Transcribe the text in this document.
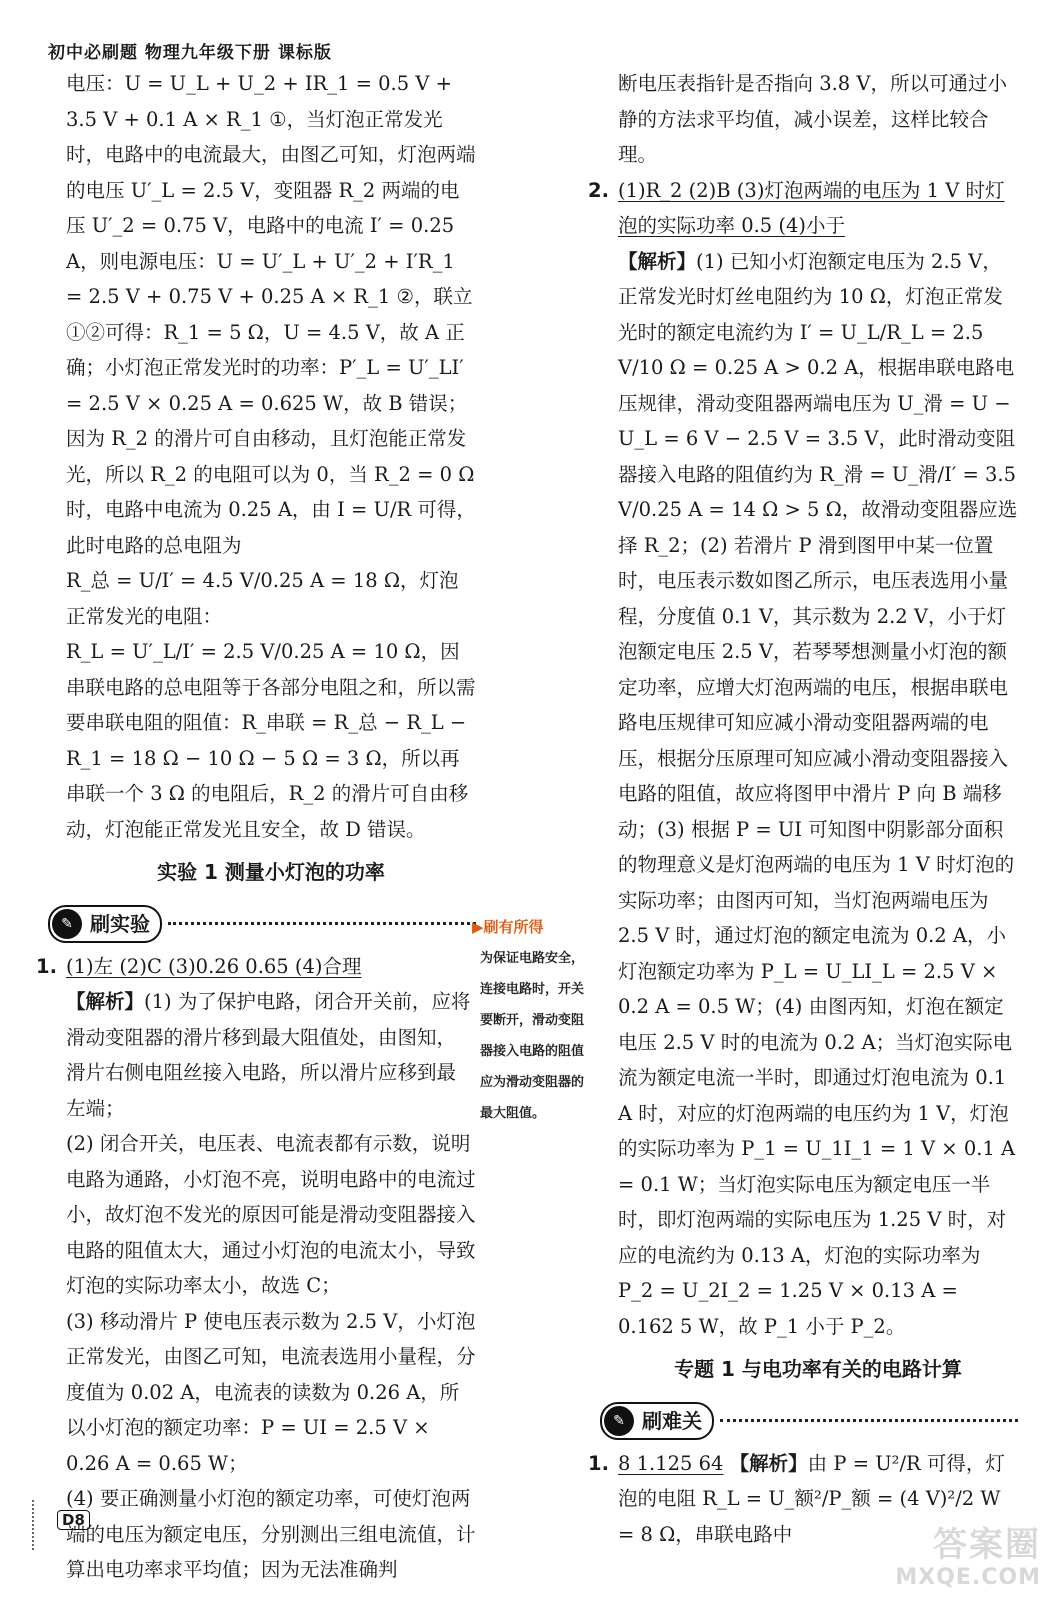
初中必刷题 物理九年级下册 课标版

电压：U = U_L + U_2 + IR_1 = 0.5 V + 3.5 V + 0.1 A × R_1 ①，当灯泡正常发光时，电路中的电流最大，由图乙可知，灯泡两端的电压 U′_L = 2.5 V，变阻器 R_2 两端的电压 U′_2 = 0.75 V，电路中的电流 I′ = 0.25 A，则电源电压：U = U′_L + U′_2 + I′R_1 = 2.5 V + 0.75 V + 0.25 A × R_1 ②，联立①②可得：R_1 = 5 Ω，U = 4.5 V，故 A 正确；小灯泡正常发光时的功率：P′_L = U′_LI′ = 2.5 V × 0.25 A = 0.625 W，故 B 错误；因为 R_2 的滑片可自由移动，且灯泡能正常发光，所以 R_2 的电阻可以为 0，当 R_2 = 0 Ω 时，电路中电流为 0.25 A，由 I = U/R 可得，此时电路的总电阻为

R_总 = U/I′ = 4.5 V/0.25 A = 18 Ω，灯泡正常发光的电阻：

R_L = U′_L/I′ = 2.5 V/0.25 A = 10 Ω，因串联电路的总电阻等于各部分电阻之和，所以需要串联电阻的阻值：R_串联 = R_总 − R_L − R_1 = 18 Ω − 10 Ω − 5 Ω = 3 Ω，所以再串联一个 3 Ω 的电阻后，R_2 的滑片可自由移动，灯泡能正常发光且安全，故 D 错误。

实验 1 测量小灯泡的功率

✎ 刷实验

1. (1)左 (2)C (3)0.26 0.65 (4)合理

【解析】(1) 为了保护电路，闭合开关前，应将滑动变阻器的滑片移到最大阻值处，由图知，滑片右侧电阻丝接入电路，所以滑片应移到最左端；

(2) 闭合开关，电压表、电流表都有示数，说明电路为通路，小灯泡不亮，说明电路中的电流过小，故灯泡不发光的原因可能是滑动变阻器接入电路的阻值太大，通过小灯泡的电流太小，导致灯泡的实际功率太小，故选 C；

(3) 移动滑片 P 使电压表示数为 2.5 V，小灯泡正常发光，由图乙可知，电流表选用小量程，分度值为 0.02 A，电流表的读数为 0.26 A，所以小灯泡的额定功率：P = UI = 2.5 V × 0.26 A = 0.65 W；

(4) 要正确测量小灯泡的额定功率，可使灯泡两端的电压为额定电压，分别测出三组电流值，计算出电功率求平均值；因为无法准确判

▶刷有所得
为保证电路安全，连接电路时，开关要断开，滑动变阻器接入电路的阻值应为滑动变阻器的最大阻值。

断电压表指针是否指向 3.8 V，所以可通过小静的方法求平均值，减小误差，这样比较合理。

2. (1)R_2 (2)B (3)灯泡两端的电压为 1 V 时灯泡的实际功率 0.5 (4)小于

【解析】(1) 已知小灯泡额定电压为 2.5 V，正常发光时灯丝电阻约为 10 Ω，灯泡正常发光时的额定电流约为 I′ = U_L/R_L = 2.5 V/10 Ω = 0.25 A > 0.2 A，根据串联电路电压规律，滑动变阻器两端电压为 U_滑 = U − U_L = 6 V − 2.5 V = 3.5 V，此时滑动变阻器接入电路的阻值约为 R_滑 = U_滑/I′ = 3.5 V/0.25 A = 14 Ω > 5 Ω，故滑动变阻器应选择 R_2；(2) 若滑片 P 滑到图甲中某一位置时，电压表示数如图乙所示，电压表选用小量程，分度值 0.1 V，其示数为 2.2 V，小于灯泡额定电压 2.5 V，若琴琴想测量小灯泡的额定功率，应增大灯泡两端的电压，根据串联电路电压规律可知应减小滑动变阻器两端的电压，根据分压原理可知应减小滑动变阻器接入电路的阻值，故应将图甲中滑片 P 向 B 端移动；(3) 根据 P = UI 可知图中阴影部分面积的物理意义是灯泡两端的电压为 1 V 时灯泡的实际功率；由图丙可知，当灯泡两端电压为 2.5 V 时，通过灯泡的额定电流为 0.2 A，小灯泡额定功率为 P_L = U_LI_L = 2.5 V × 0.2 A = 0.5 W；(4) 由图丙知，灯泡在额定电压 2.5 V 时的电流为 0.2 A；当灯泡实际电流为额定电流一半时，即通过灯泡电流为 0.1 A 时，对应的灯泡两端的电压约为 1 V，灯泡的实际功率为 P_1 = U_1I_1 = 1 V × 0.1 A = 0.1 W；当灯泡实际电压为额定电压一半时，即灯泡两端的实际电压为 1.25 V 时，对应的电流约为 0.13 A，灯泡的实际功率为 P_2 = U_2I_2 = 1.25 V × 0.13 A = 0.162 5 W，故 P_1 小于 P_2。

专题 1 与电功率有关的电路计算

✎ 刷难关

1. 8 1.125 64 【解析】由 P = U²/R 可得，灯泡的电阻 R_L = U_额²/P_额 = (4 V)²/2 W = 8 Ω，串联电路中

D8
答案圈
MXQE.COM
